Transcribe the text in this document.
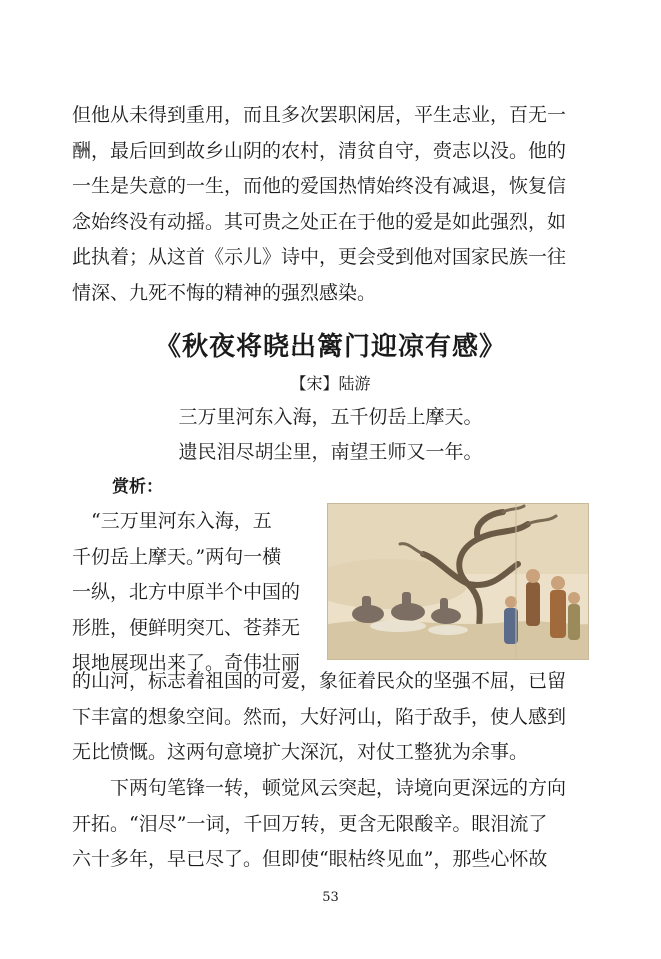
但他从未得到重用，而且多次罢职闲居，平生志业，百无一
酬，最后回到故乡山阴的农村，清贫自守，赍志以没。他的
一生是失意的一生，而他的爱国热情始终没有减退，恢复信
念始终没有动摇。其可贵之处正在于他的爱是如此强烈，如
此执着；从这首《示儿》诗中，更会受到他对国家民族一往
情深、九死不悔的精神的强烈感染。
《秋夜将晓出篱门迎凉有感》

【宋】陆游

三万里河东入海，五千仞岳上摩天。

遗民泪尽胡尘里，南望王师又一年。

赏析：

　“三万里河东入海，五
千仞岳上摩天。”两句一横
一纵，北方中原半个中国的
形胜，便鲜明突兀、苍莽无
垠地展现出来了。奇伟壮丽
的山河，标志着祖国的可爱，象征着民众的坚强不屈，已留
下丰富的想象空间。然而，大好河山，陷于敌手，使人感到
无比愤慨。这两句意境扩大深沉，对仗工整犹为余事。
　　下两句笔锋一转，顿觉风云突起，诗境向更深远的方向
开拓。“泪尽”一词，千回万转，更含无限酸辛。眼泪流了
六十多年，早已尽了。但即使“眼枯终见血”，那些心怀故
53
